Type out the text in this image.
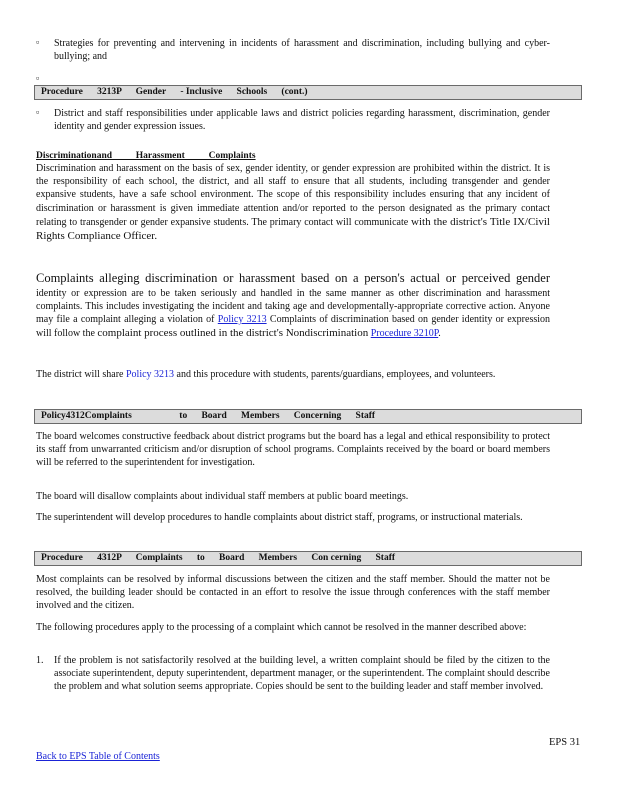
▫	Strategies for preventing and intervening in incidents of harassment and discrimination, including bullying and cyber-bullying; and
▫
Procedure      3213P      Gender      - Inclusive      Schools      (cont.)
▫	District and staff responsibilities under applicable laws and district policies regarding harassment, discrimination, gender identity and gender expression issues.
Discriminationand          Harassment          Complaints
Discrimination and harassment on the basis of sex, gender identity, or gender expression are prohibited within the district. It is the responsibility of each school, the district, and all staff to ensure that all students, including transgender and gender expansive students, have a safe school environment. The scope of this responsibility includes ensuring that any incident of discrimination or harassment is given immediate attention and/or reported to the person designated as the primary contact relating to transgender or gender expansive students. The primary contact will communicate with the district's Title IX/Civil Rights Compliance Officer.
Complaints alleging discrimination or harassment based on a person's actual or perceived gender identity or expression are to be taken seriously and handled in the same manner as other discrimination and harassment complaints. This includes investigating the incident and taking age and developmentally-appropriate corrective action. Anyone may file a complaint alleging a violation of Policy 3213 Complaints of discrimination based on gender identity or expression will follow the complaint process outlined in the district's Nondiscrimination Procedure 3210P.
The district will share Policy 3213 and this procedure with students, parents/guardians, employees, and volunteers.
Policy4312Complaints                    to      Board      Members      Concerning      Staff
The board welcomes constructive feedback about district programs but the board has a legal and ethical responsibility to protect its staff from unwarranted criticism and/or disruption of school programs. Complaints received by the board or board members will be referred to the superintendent for investigation.
The board will disallow complaints about individual staff members at public board meetings.
The superintendent will develop procedures to handle complaints about district staff, programs, or instructional materials.
Procedure      4312P      Complaints      to      Board      Members      Con cerning      Staff
Most complaints can be resolved by informal discussions between the citizen and the staff member. Should the matter not be resolved, the building leader should be contacted in an effort to resolve the issue through conferences with the staff member involved and the citizen.
The following procedures apply to the processing of a complaint which cannot be resolved in the manner described above:
1. If the problem is not satisfactorily resolved at the building level, a written complaint should be filed by the citizen to the associate superintendent, deputy superintendent, department manager, or the superintendent. The complaint should describe the problem and what solution seems appropriate. Copies should be sent to the building leader and staff member involved.
EPS 31
Back to EPS Table of Contents
